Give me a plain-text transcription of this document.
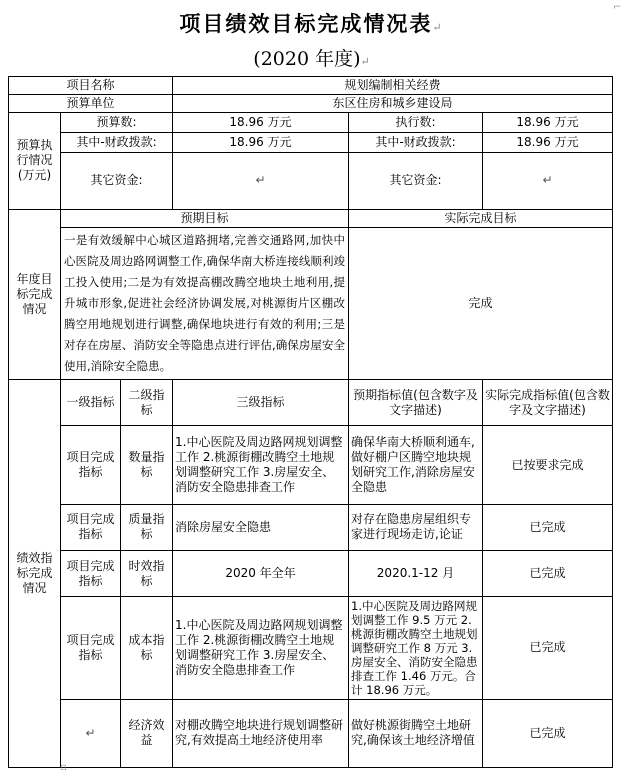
⌐
项目绩效目标完成情况表↵
(2020 年度)↵
项目名称			规划编制相关经费		
预算单位			东区住房和城乡建设局		
预算执行情况(万元)	预算数:		18.96 万元	执行数:	18.96 万元
	其中-财政拨款:		18.96 万元	其中-财政拨款:	18.96 万元
	其它资金:		↵	其它资金:	↵
年度目标完成情况	预期目标			实际完成目标	
	一是有效缓解中心城区道路拥堵,完善交通路网,加快中心医院及周边路网调整工作,确保华南大桥连接线顺利竣工投入使用;二是为有效提高棚改腾空地块土地利用,提升城市形象,促进社会经济协调发展,对桃源街片区棚改腾空用地规划进行调整,确保地块进行有效的利用;三是对存在房屋、消防安全等隐患点进行评估,确保房屋安全使用,消除安全隐患。			完成	
绩效指标完成情况	一级指标	二级指标	三级指标	预期指标值(包含数字及文字描述)	实际完成指标值(包含数字及文字描述)
	项目完成指标	数量指标	1.中心医院及周边路网规划调整工作 2.桃源街棚改腾空土地规划调整研究工作 3.房屋安全、消防安全隐患排查工作	确保华南大桥顺利通车,做好棚户区腾空地块规划研究工作,消除房屋安全隐患	已按要求完成
	项目完成指标	质量指标	消除房屋安全隐患	对存在隐患房屋组织专家进行现场走访,论证	已完成
	项目完成指标	时效指标	2020 年全年	2020.1-12 月	已完成
	项目完成指标	成本指标	1.中心医院及周边路网规划调整工作 2.桃源街棚改腾空土地规划调整研究工作 3.房屋安全、消防安全隐患排查工作	1.中心医院及周边路网规划调整工作 9.5 万元 2.桃源街棚改腾空土地规划调整研究工作 8 万元 3.房屋安全、消防安全隐患排查工作 1.46 万元。合计 18.96 万元。	已完成
	↵	经济效益	对棚改腾空地块进行规划调整研究,有效提高土地经济使用率	做好桃源街腾空土地研究,确保该土地经济增值	已完成
▫
